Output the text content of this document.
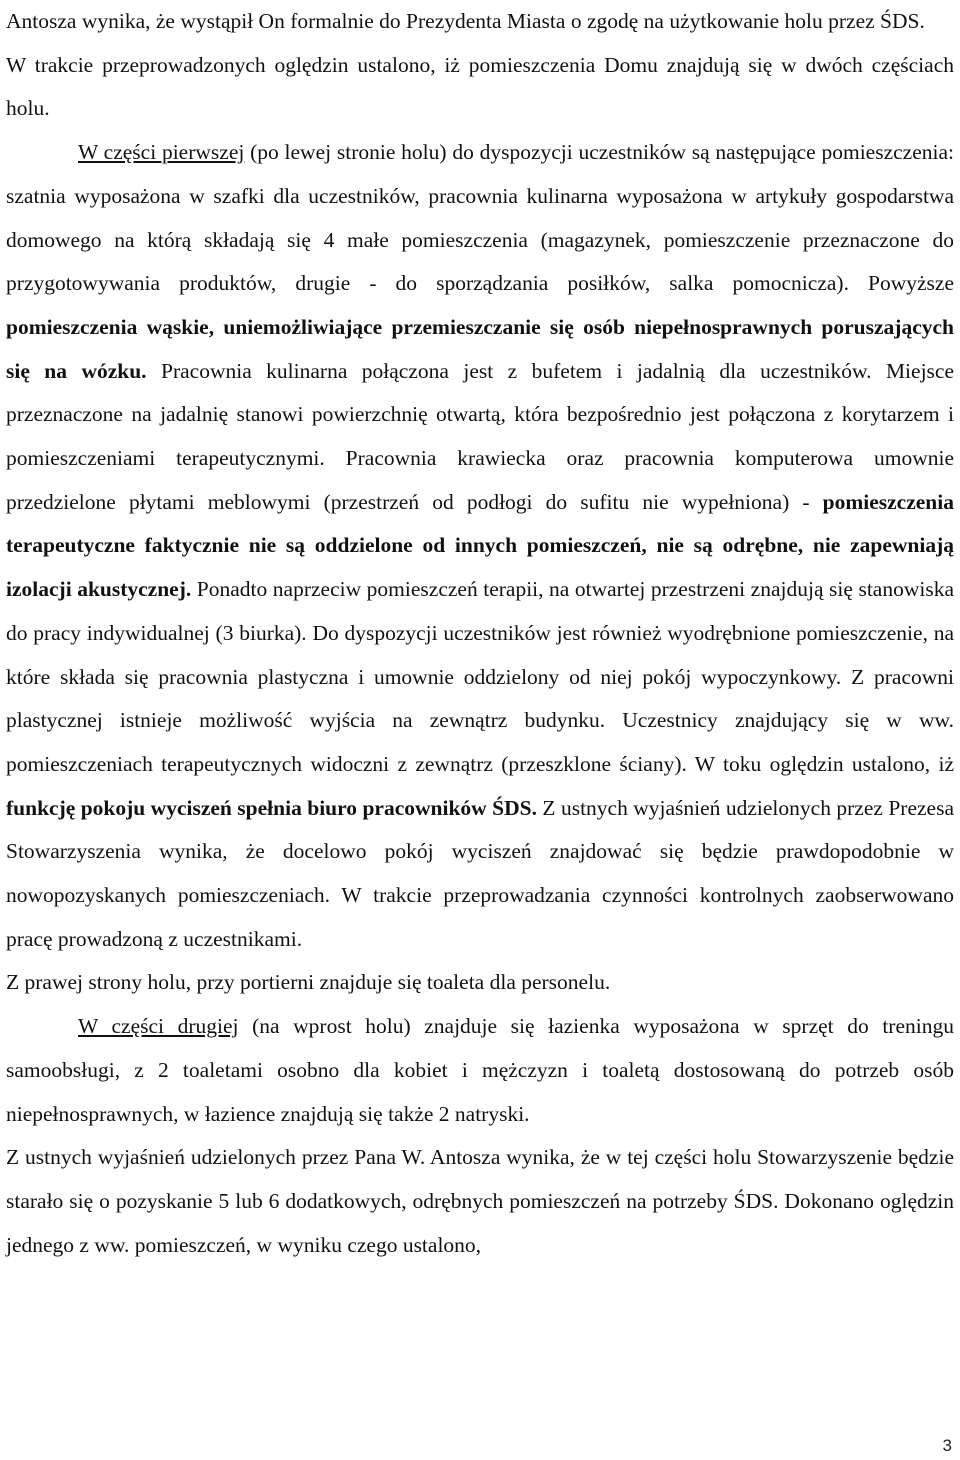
Antosza wynika, że wystąpił On formalnie do Prezydenta Miasta o zgodę na użytkowanie holu przez ŚDS.

W trakcie przeprowadzonych oględzin ustalono, iż pomieszczenia Domu znajdują się w dwóch częściach holu.

W części pierwszej (po lewej stronie holu) do dyspozycji uczestników są następujące pomieszczenia: szatnia wyposażona w szafki dla uczestników, pracownia kulinarna wyposażona w artykuły gospodarstwa domowego na którą składają się 4 małe pomieszczenia (magazynek, pomieszczenie przeznaczone do przygotowywania produktów, drugie - do sporządzania posiłków, salka pomocnicza). Powyższe pomieszczenia wąskie, uniemożliwiające przemieszczanie się osób niepełnosprawnych poruszających się na wózku. Pracownia kulinarna połączona jest z bufetem i jadalnią dla uczestników. Miejsce przeznaczone na jadalnię stanowi powierzchnię otwartą, która bezpośrednio jest połączona z korytarzem i pomieszczeniami terapeutycznymi. Pracownia krawiecka oraz pracownia komputerowa umownie przedzielone płytami meblowymi (przestrzeń od podłogi do sufitu nie wypełniona) - pomieszczenia terapeutyczne faktycznie nie są oddzielone od innych pomieszczeń, nie są odrębne, nie zapewniają izolacji akustycznej. Ponadto naprzeciw pomieszczeń terapii, na otwartej przestrzeni znajdują się stanowiska do pracy indywidualnej (3 biurka). Do dyspozycji uczestników jest również wyodrębnione pomieszczenie, na które składa się pracownia plastyczna i umownie oddzielony od niej pokój wypoczynkowy. Z pracowni plastycznej istnieje możliwość wyjścia na zewnątrz budynku. Uczestnicy znajdujący się w ww. pomieszczeniach terapeutycznych widoczni z zewnątrz (przeszklone ściany). W toku oględzin ustalono, iż funkcję pokoju wyciszeń spełnia biuro pracowników ŚDS. Z ustnych wyjaśnień udzielonych przez Prezesa Stowarzyszenia wynika, że docelowo pokój wyciszeń znajdować się będzie prawdopodobnie w nowopozyskanych pomieszczeniach. W trakcie przeprowadzania czynności kontrolnych zaobserwowano pracę prowadzoną z uczestnikami.

Z prawej strony holu, przy portierni znajduje się toaleta dla personelu.

W części drugiej (na wprost holu) znajduje się łazienka wyposażona w sprzęt do treningu samoobsługi, z 2 toaletami osobno dla kobiet i mężczyzn i toaletą dostosowaną do potrzeb osób niepełnosprawnych, w łazience znajdują się także 2 natryski.

Z ustnych wyjaśnień udzielonych przez Pana W. Antosza wynika, że w tej części holu Stowarzyszenie będzie starało się o pozyskanie 5 lub 6 dodatkowych, odrębnych pomieszczeń na potrzeby ŚDS. Dokonano oględzin jednego z ww. pomieszczeń, w wyniku czego ustalono,

3
